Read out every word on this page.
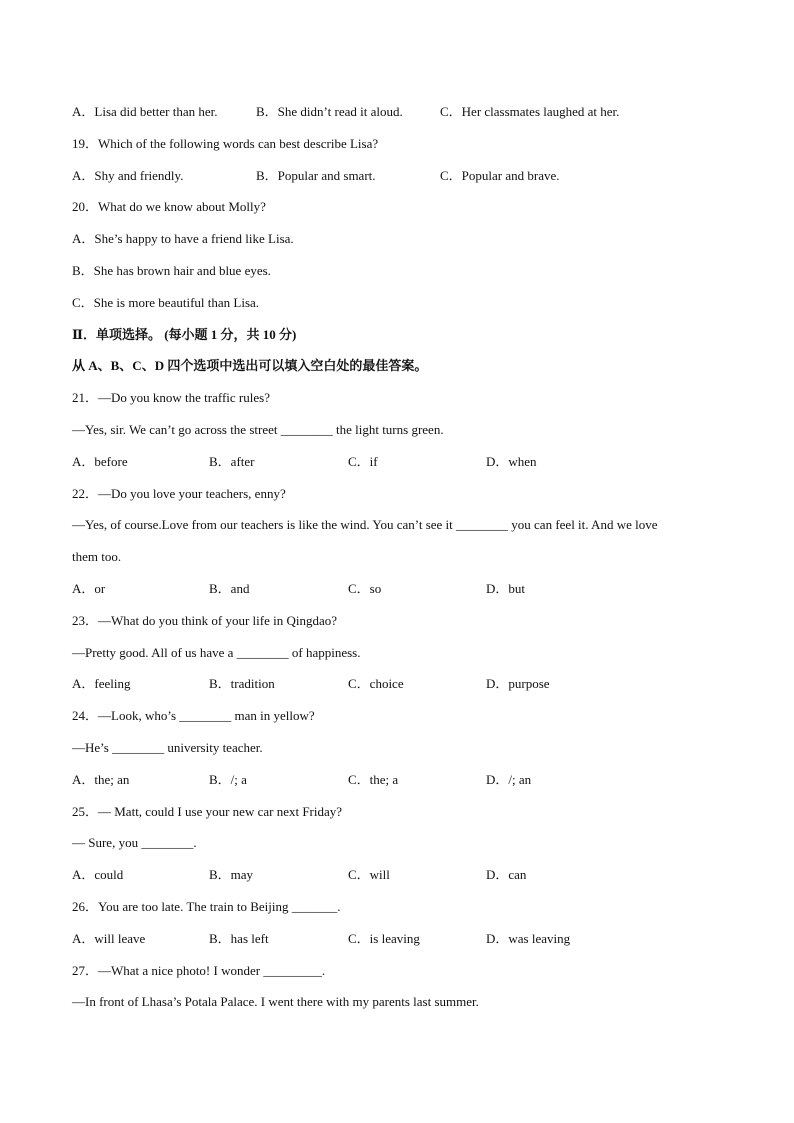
A．Lisa did better than her.	B．She didn’t read it aloud.	C．Her classmates laughed at her.
19．Which of the following words can best describe Lisa?
A．Shy and friendly.	B．Popular and smart.	C．Popular and brave.
20．What do we know about Molly?
A．She’s happy to have a friend like Lisa.
B．She has brown hair and blue eyes.
C．She is more beautiful than Lisa.
Ⅱ．单项选择。 (每小题 1 分，共 10 分)
从 A、B、C、D 四个选项中选出可以填入空白处的最佳答案。
21．—Do you know the traffic rules?
—Yes, sir. We can’t go across the street ________ the light turns green.
A．before	B．after	C．if	D．when
22．—Do you love your teachers, enny?
—Yes, of course.Love from our teachers is like the wind. You can’t see it ________ you can feel it. And we love
them too.
A．or	B．and	C．so	D．but
23．—What do you think of your life in Qingdao?
—Pretty good. All of us have a ________ of happiness.
A．feeling	B．tradition	C．choice	D．purpose
24．—Look, who’s ________ man in yellow?
—He’s ________ university teacher.
A．the; an	B．/; a	C．the; a	D．/; an
25．— Matt, could I use your new car next Friday?
— Sure, you ________.
A．could	B．may	C．will	D．can
26．You are too late. The train to Beijing _______.
A．will leave	B．has left	C．is leaving	D．was leaving
27．—What a nice photo! I wonder _________.
—In front of Lhasa’s Potala Palace. I went there with my parents last summer.
